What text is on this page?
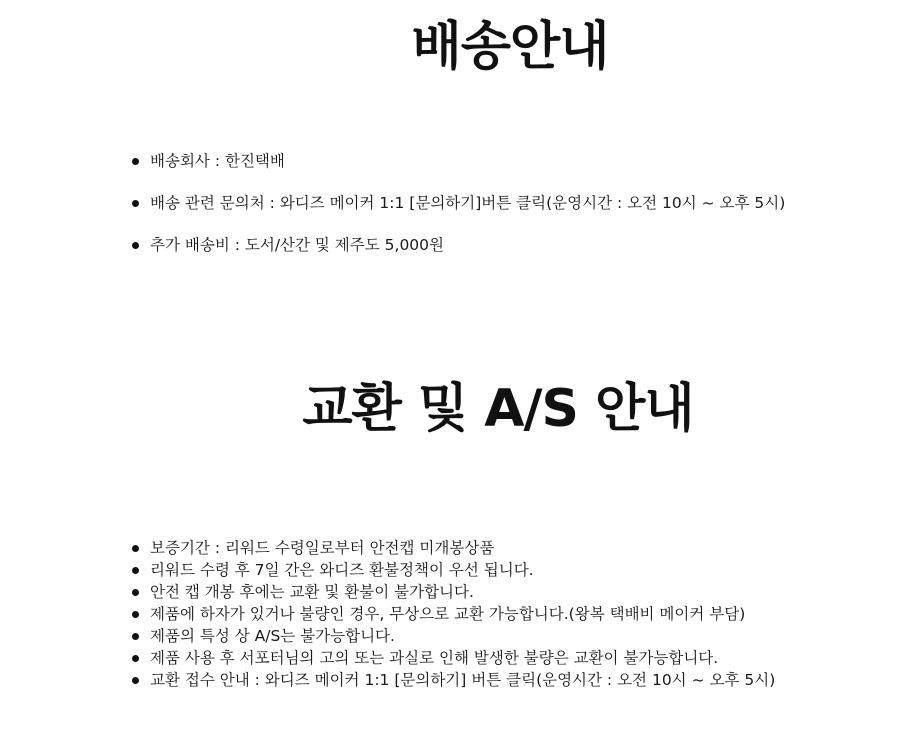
배송안내
배송회사 : 한진택배
배송 관련 문의처 : 와디즈 메이커 1:1 [문의하기]버튼 클릭(운영시간 : 오전 10시 ~ 오후 5시)
추가 배송비 : 도서/산간 및 제주도 5,000원
교환 및 A/S 안내
보증기간 : 리워드 수령일로부터 안전캡 미개봉상품
리워드 수령 후 7일 간은 와디즈 환불정책이 우선 됩니다.
안전 캡 개봉 후에는 교환 및 환불이 불가합니다.
제품에 하자가 있거나 불량인 경우, 무상으로 교환 가능합니다.(왕복 택배비 메이커 부담)
제품의 특성 상 A/S는 불가능합니다.
제품 사용 후 서포터님의 고의 또는 과실로 인해 발생한 불량은 교환이 불가능합니다.
교환 접수 안내 : 와디즈 메이커 1:1 [문의하기] 버튼 클릭(운영시간 : 오전 10시 ~ 오후 5시)
